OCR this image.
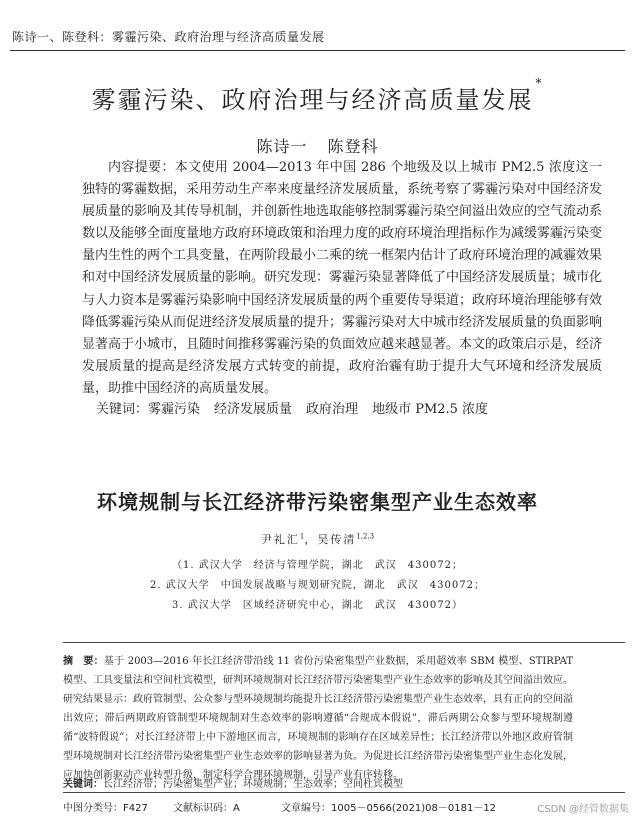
陈诗一、陈登科：雾霾污染、政府治理与经济高质量发展
雾霾污染、政府治理与经济高质量发展*
陈诗一 陈登科
内容提要：本文使用 2004—2013 年中国 286 个地级及以上城市 PM2.5 浓度这一独特的雾霾数据，采用劳动生产率来度量经济发展质量，系统考察了雾霾污染对中国经济发展质量的影响及其传导机制，并创新性地选取能够控制雾霾污染空间溢出效应的空气流动系数以及能够全面度量地方政府环境政策和治理力度的政府环境治理指标作为减缓雾霾污染变量内生性的两个工具变量，在两阶段最小二乘的统一框架内估计了政府环境治理的减霾效果和对中国经济发展质量的影响。研究发现：雾霾污染显著降低了中国经济发展质量；城市化与人力资本是雾霾污染影响中国经济发展质量的两个重要传导渠道；政府环境治理能够有效降低雾霾污染从而促进经济发展质量的提升；雾霾污染对大中城市经济发展质量的负面影响显著高于小城市，且随时间推移雾霾污染的负面效应越来越显著。本文的政策启示是，经济发展质量的提高是经济发展方式转变的前提，政府治霾有助于提升大气环境和经济发展质量，助推中国经济的高质量发展。
关键词：雾霾污染 经济发展质量 政府治理 地级市 PM2.5 浓度
环境规制与长江经济带污染密集型产业生态效率
尹礼汇$^1$，吴传清$^{1,2,3}$
（1. 武汉大学　经济与管理学院，湖北　武汉　430072；
2. 武汉大学　中国发展战略与规划研究院，湖北　武汉　430072；
3. 武汉大学　区域经济研究中心，湖北　武汉　430072）
摘　要：基于 2003—2016 年长江经济带沿线 11 省份污染密集型产业数据，采用超效率 SBM 模型、STIRPAT 模型、工具变量法和空间杜宾模型，研判环境规制对长江经济带污染密集型产业生态效率的影响及其空间溢出效应。研究结果显示：政府管制型、公众参与型环境规制均能提升长江经济带污染密集型产业生态效率，具有正向的空间溢出效应；滞后两期政府管制型环境规制对生态效率的影响遵循“合规成本假说”，滞后两期公众参与型环境规制遵循“波特假说”；对长江经济带上中下游地区而言，环境规制的影响存在区域差异性；长江经济带以外地区政府管制型环境规制对长江经济带污染密集型产业生态效率的影响显著为负。为促进长江经济带污染密集型产业生态化发展，应加快创新驱动产业转型升级，制定科学合理环境规制，引导产业有序转移。
关键词：长江经济带；污染密集型产业；环境规制；生态效率；空间杜宾模型
中图分类号：F427	文献标识码：A	文章编号：1005－0566(2021)08－0181－12	CSDN @经管数据集
